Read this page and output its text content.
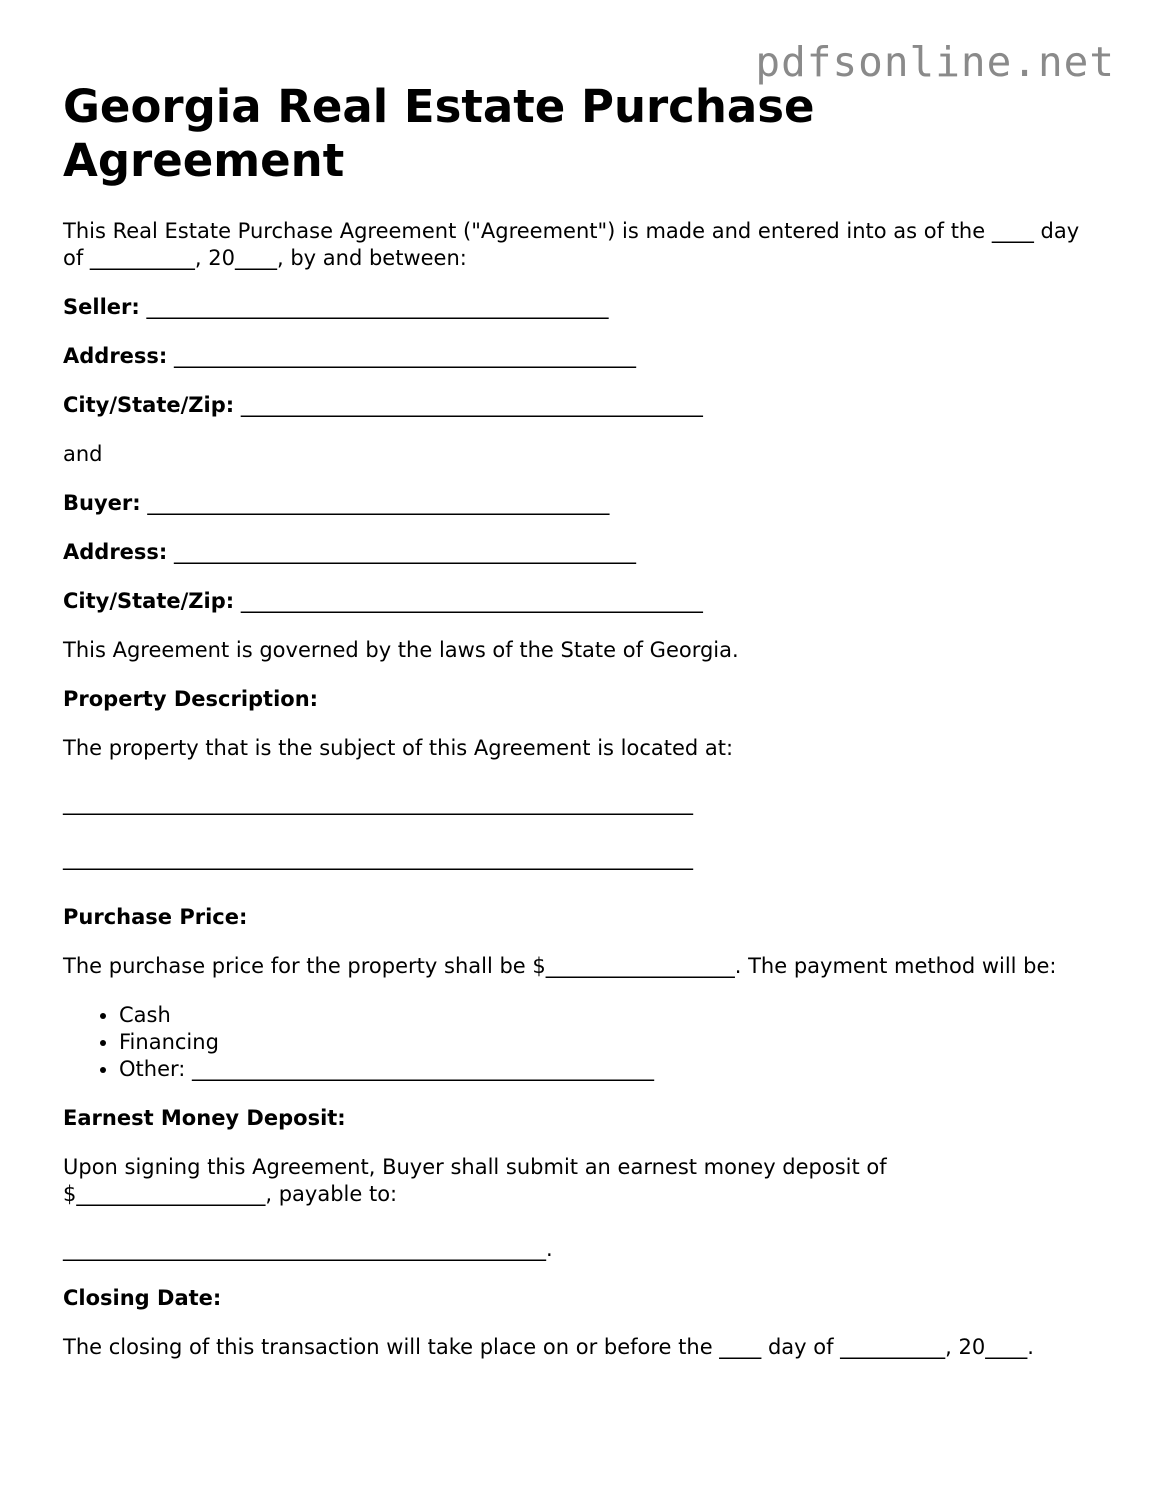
pdfsonline.net
Georgia Real Estate Purchase Agreement

This Real Estate Purchase Agreement ("Agreement") is made and entered into as of the ____ day of __________, 20____, by and between:

Seller: ____________________________________________

Address: ____________________________________________

City/State/Zip: ____________________________________________

and

Buyer: ____________________________________________

Address: ____________________________________________

City/State/Zip: ____________________________________________

This Agreement is governed by the laws of the State of Georgia.

Property Description:

The property that is the subject of this Agreement is located at:

____________________________________________________________

____________________________________________________________

Purchase Price:

The purchase price for the property shall be $__________________. The payment method will be:

• Cash
• Financing
• Other: ____________________________________________

Earnest Money Deposit:

Upon signing this Agreement, Buyer shall submit an earnest money deposit of $__________________, payable to:

______________________________________________.

Closing Date:

The closing of this transaction will take place on or before the ____ day of __________, 20____.
